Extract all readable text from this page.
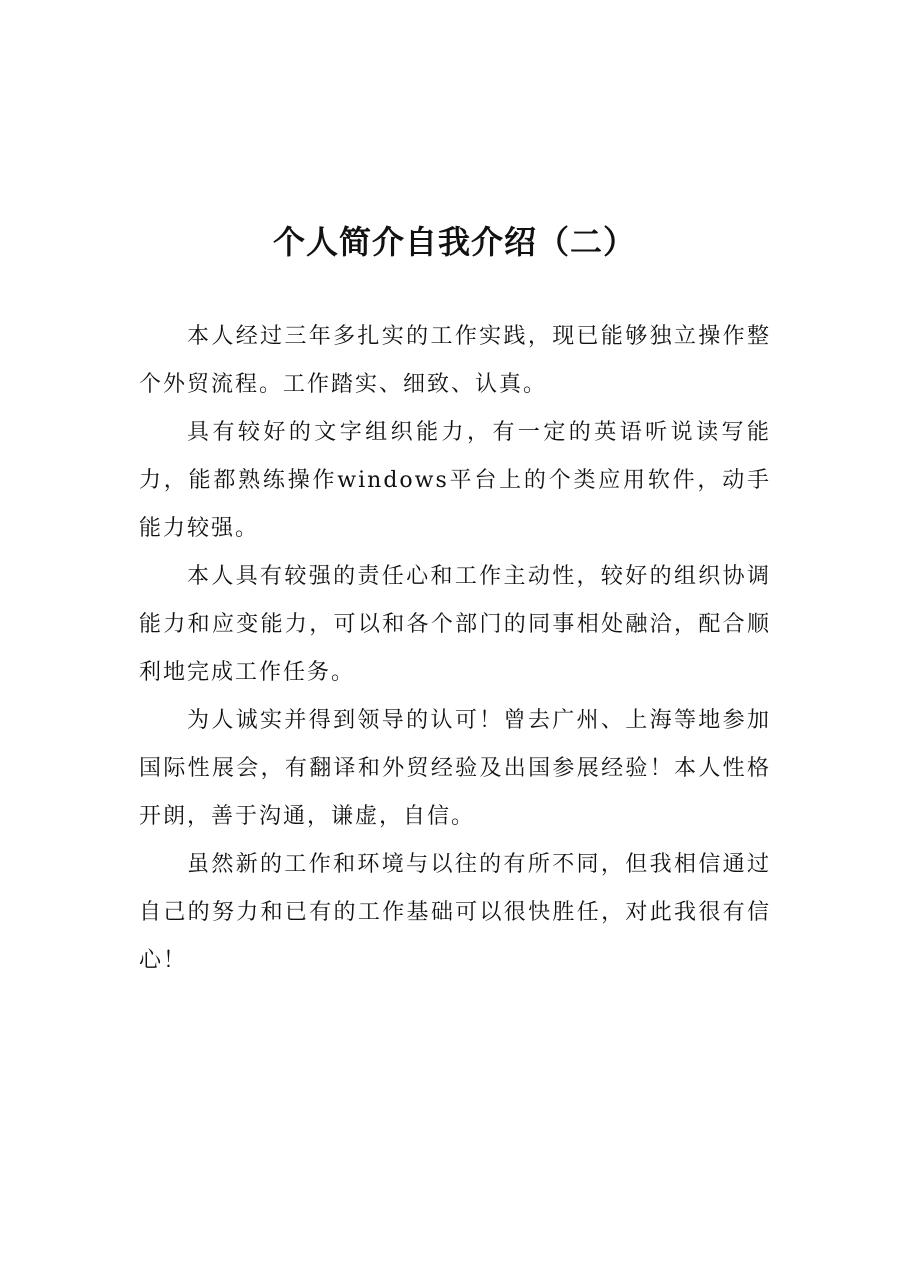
个人简介自我介绍（二）

本人经过三年多扎实的工作实践，现已能够独立操作整个外贸流程。工作踏实、细致、认真。

具有较好的文字组织能力，有一定的英语听说读写能力，能都熟练操作windows平台上的个类应用软件，动手能力较强。

本人具有较强的责任心和工作主动性，较好的组织协调能力和应变能力，可以和各个部门的同事相处融洽，配合顺利地完成工作任务。

为人诚实并得到领导的认可！曾去广州、上海等地参加国际性展会，有翻译和外贸经验及出国参展经验！本人性格开朗，善于沟通，谦虚，自信。

虽然新的工作和环境与以往的有所不同，但我相信通过自己的努力和已有的工作基础可以很快胜任，对此我很有信心！
